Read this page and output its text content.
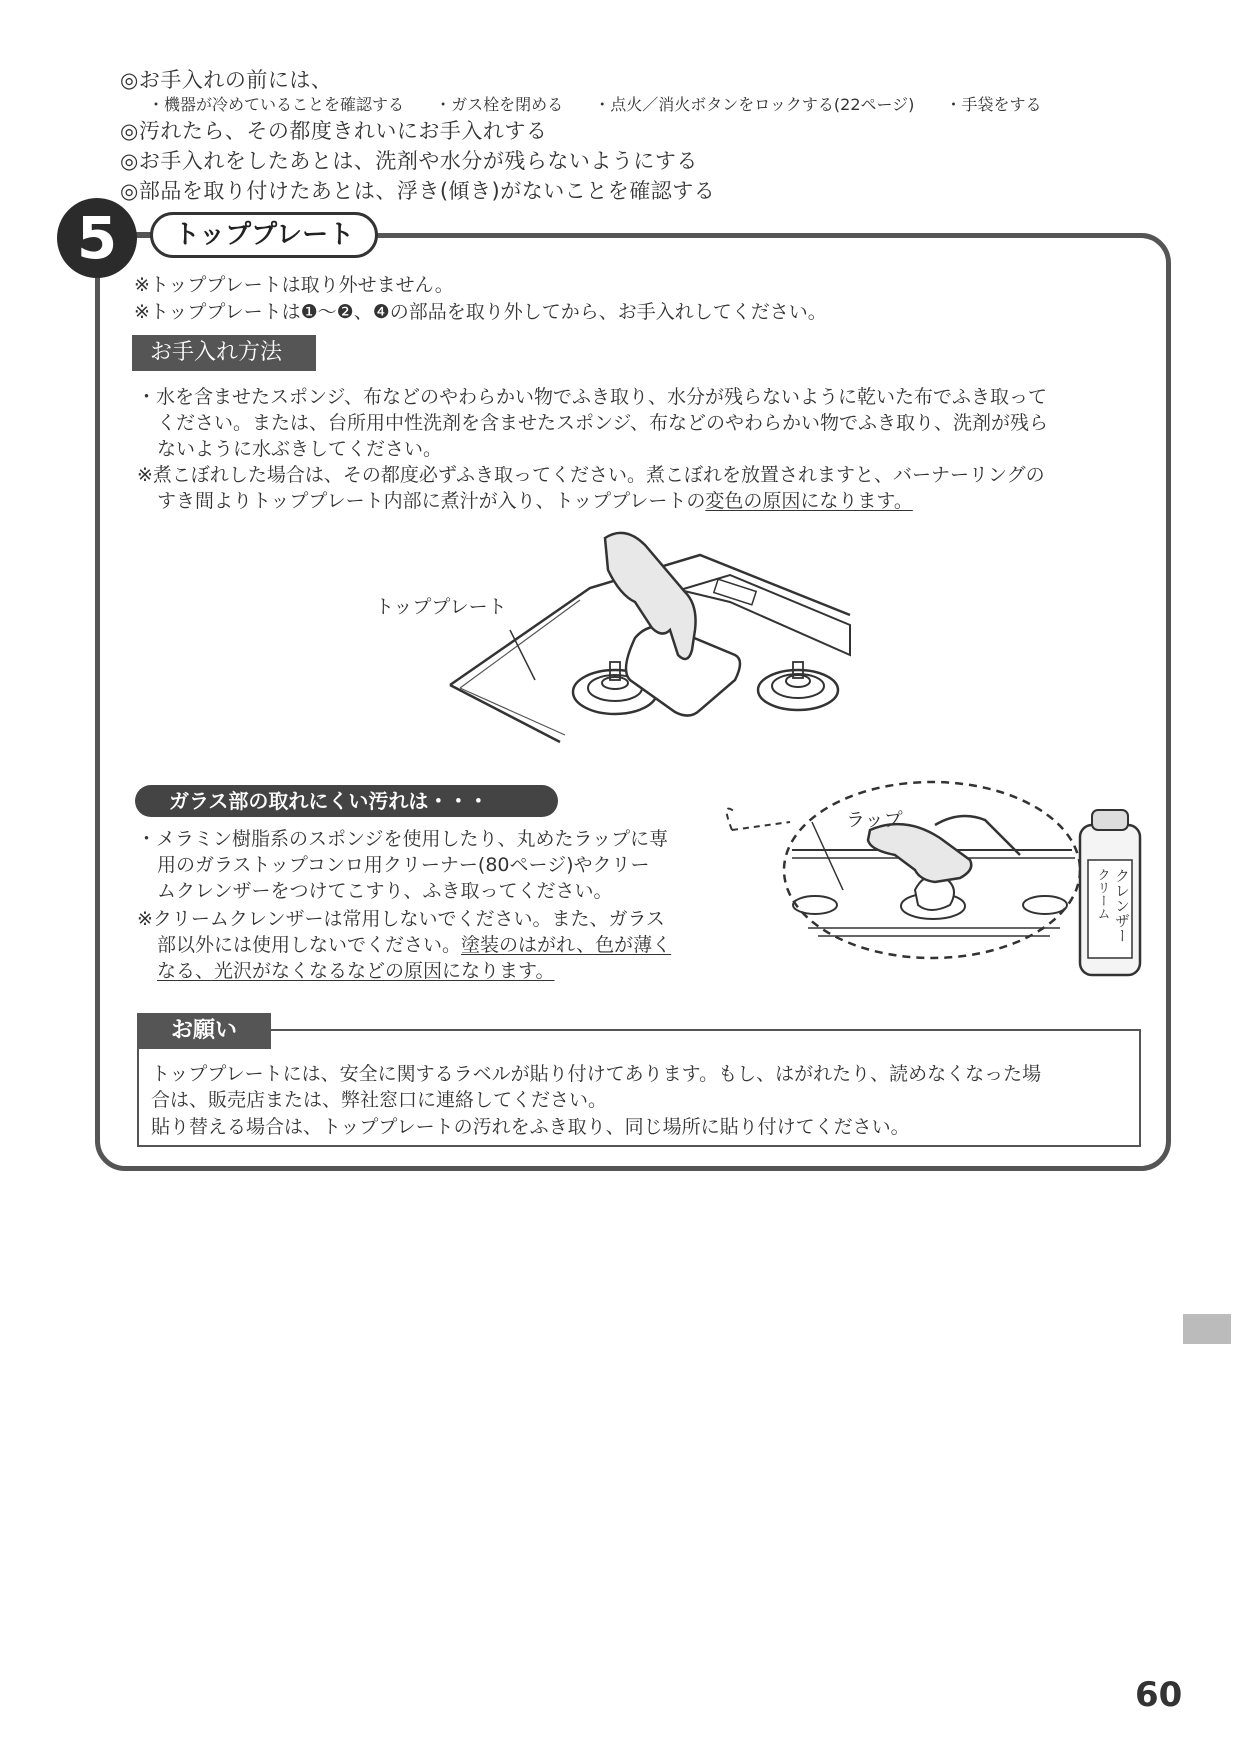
◎お手入れの前には、
・機器が冷めていることを確認する ・ガス栓を閉める ・点火／消火ボタンをロックする(22ページ) ・手袋をする
◎汚れたら、その都度きれいにお手入れする
◎お手入れをしたあとは、洗剤や水分が残らないようにする
◎部品を取り付けたあとは、浮き(傾き)がないことを確認する
5	トッププレート
※トッププレートは取り外せません。
※トッププレートは❶〜❷、❹の部品を取り外してから、お手入れしてください。
お手入れ方法
・水を含ませたスポンジ、布などのやわらかい物でふき取り、水分が残らないように乾いた布でふき取って
ください。または、台所用中性洗剤を含ませたスポンジ、布などのやわらかい物でふき取り、洗剤が残ら
ないように水ぶきしてください。
※煮こぼれした場合は、その都度必ずふき取ってください。煮こぼれを放置されますと、バーナーリングの
すき間よりトッププレート内部に煮汁が入り、トッププレートの変色の原因になります。
トッププレート
ガラス部の取れにくい汚れは・・・
・メラミン樹脂系のスポンジを使用したり、丸めたラップに専
用のガラストップコンロ用クリーナー(80ページ)やクリー
ムクレンザーをつけてこすり、ふき取ってください。
※クリームクレンザーは常用しないでください。また、ガラス
部以外には使用しないでください。塗装のはがれ、色が薄く
なる、光沢がなくなるなどの原因になります。
クレンザー
クリーム
ラップ
お願い
トッププレートには、安全に関するラベルが貼り付けてあります。もし、はがれたり、読めなくなった場
合は、販売店または、弊社窓口に連絡してください。
貼り替える場合は、トッププレートの汚れをふき取り、同じ場所に貼り付けてください。
60
